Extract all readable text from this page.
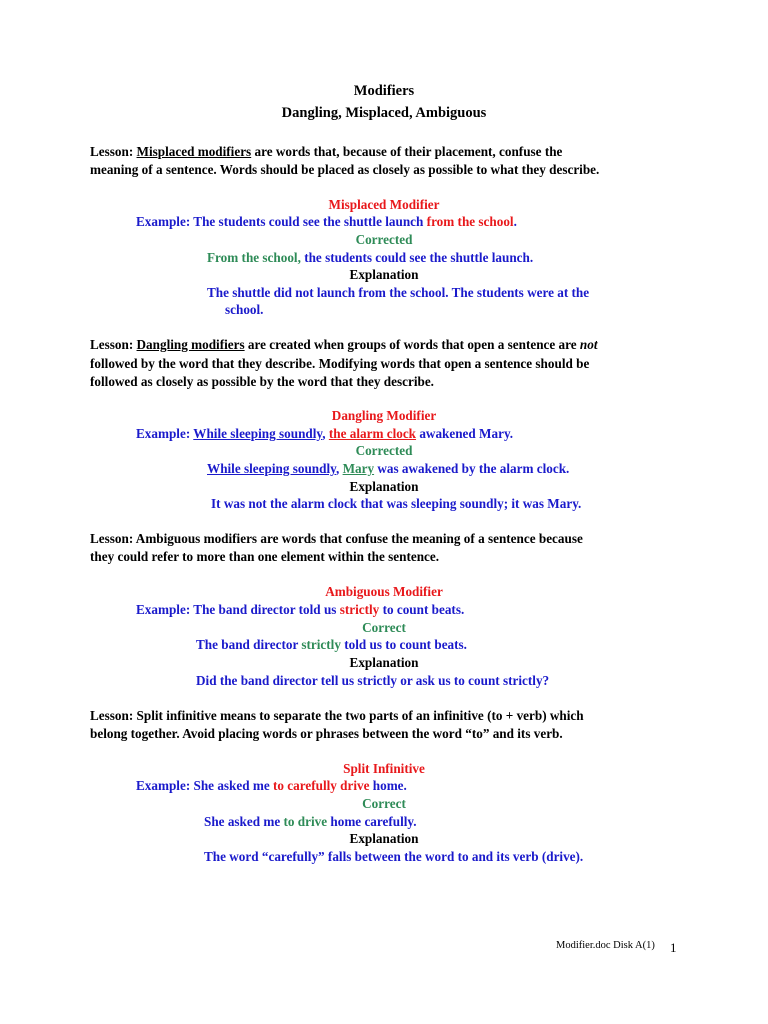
Modifiers
Dangling, Misplaced, Ambiguous
Lesson: Misplaced modifiers are words that, because of their placement, confuse the
meaning of a sentence. Words should be placed as closely as possible to what they describe.
Misplaced Modifier
Example: The students could see the shuttle launch from the school.
Corrected
From the school, the students could see the shuttle launch.
Explanation
The shuttle did not launch from the school. The students were at the
school.
Lesson: Dangling modifiers are created when groups of words that open a sentence are not
followed by the word that they describe. Modifying words that open a sentence should be
followed as closely as possible by the word that they describe.
Dangling Modifier
Example: While sleeping soundly, the alarm clock awakened Mary.
Corrected
While sleeping soundly, Mary was awakened by the alarm clock.
Explanation
It was not the alarm clock that was sleeping soundly; it was Mary.
Lesson: Ambiguous modifiers are words that confuse the meaning of a sentence because
they could refer to more than one element within the sentence.
Ambiguous Modifier
Example: The band director told us strictly to count beats.
Correct
The band director strictly told us to count beats.
Explanation
Did the band director tell us strictly or ask us to count strictly?
Lesson: Split infinitive means to separate the two parts of an infinitive (to + verb) which
belong together. Avoid placing words or phrases between the word “to” and its verb.
Split Infinitive
Example: She asked me to carefully drive home.
Correct
She asked me to drive home carefully.
Explanation
The word “carefully” falls between the word to and its verb (drive).
Modifier.doc Disk A(1) 1
